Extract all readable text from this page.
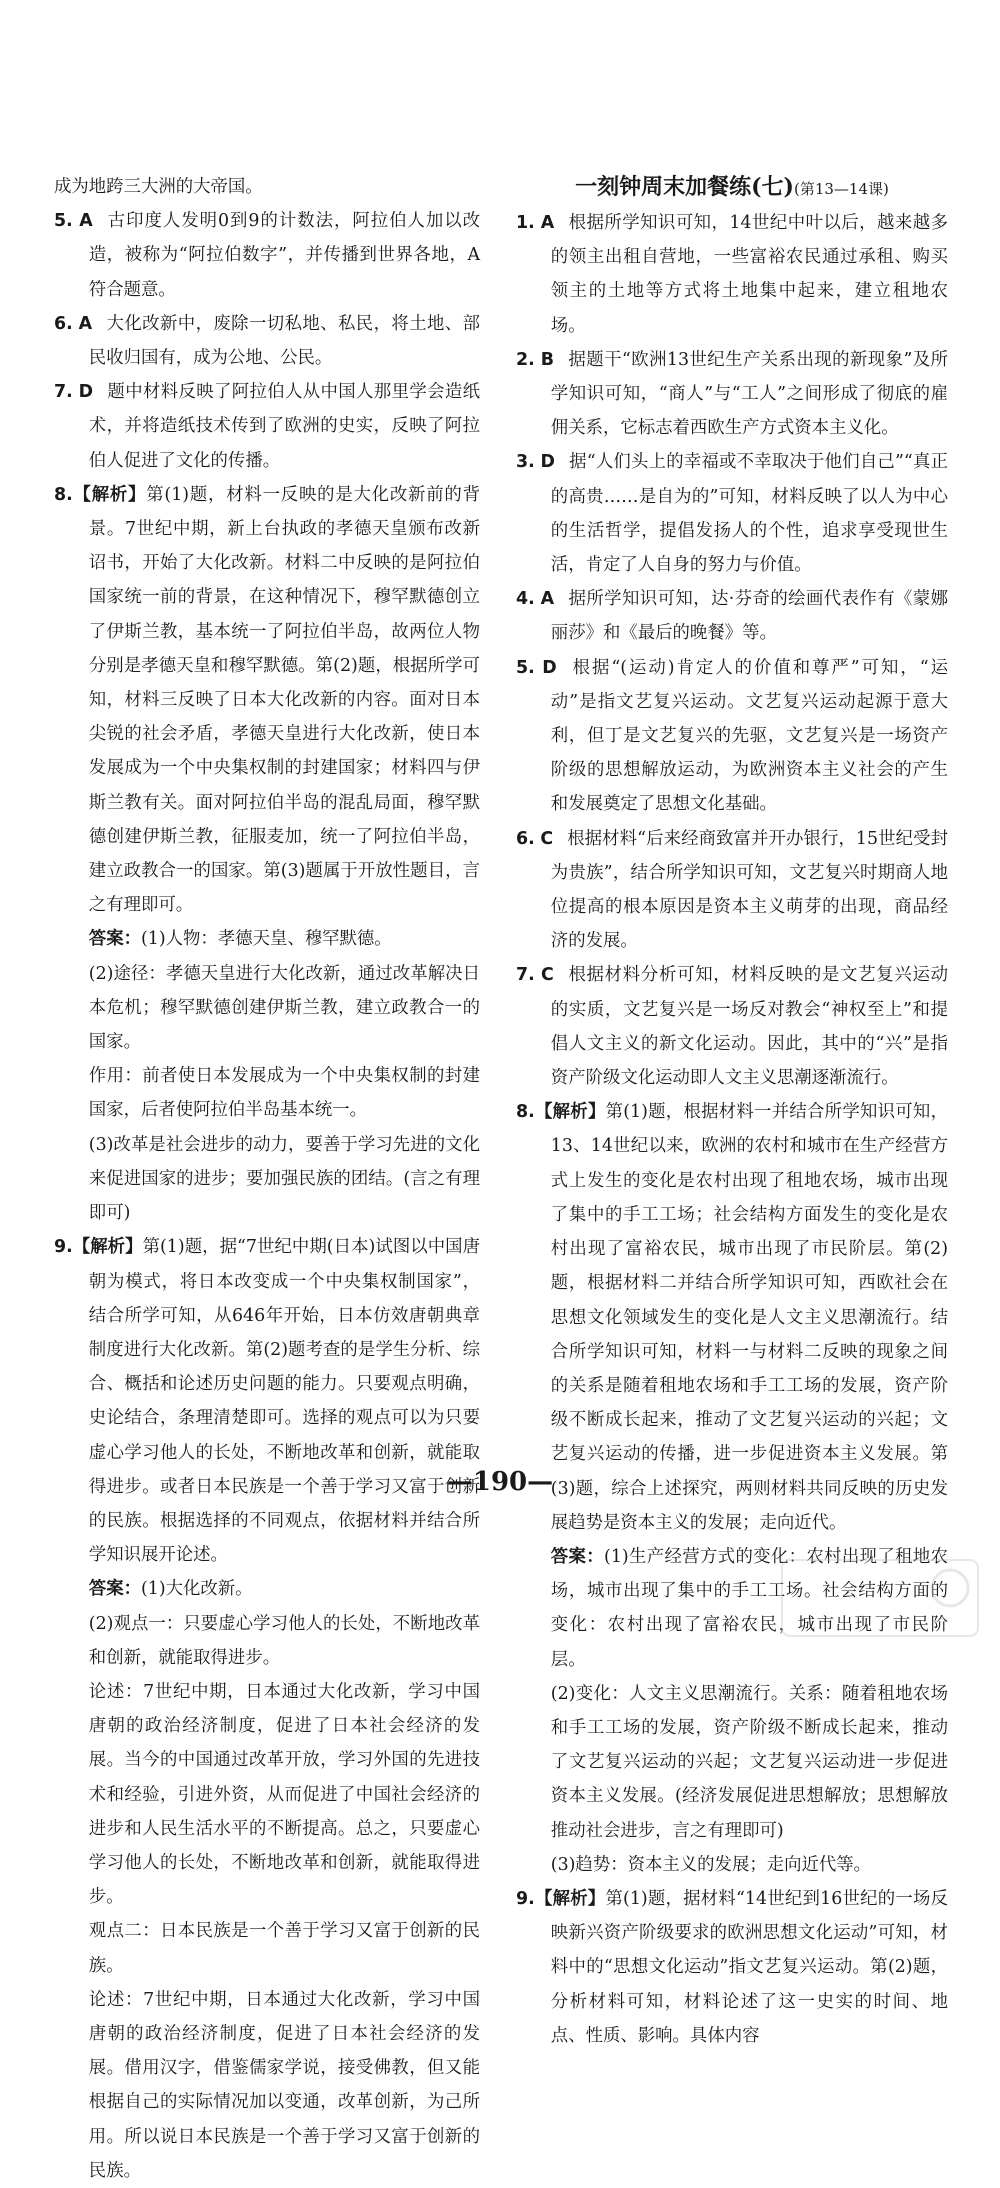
成为地跨三大洲的大帝国。

5. A 古印度人发明0到9的计数法，阿拉伯人加以改造，被称为“阿拉伯数字”，并传播到世界各地，A符合题意。

6. A 大化改新中，废除一切私地、私民，将土地、部民收归国有，成为公地、公民。

7. D 题中材料反映了阿拉伯人从中国人那里学会造纸术，并将造纸技术传到了欧洲的史实，反映了阿拉伯人促进了文化的传播。

8.【解析】第(1)题，材料一反映的是大化改新前的背景。7世纪中期，新上台执政的孝德天皇颁布改新诏书，开始了大化改新。材料二中反映的是阿拉伯国家统一前的背景，在这种情况下，穆罕默德创立了伊斯兰教，基本统一了阿拉伯半岛，故两位人物分别是孝德天皇和穆罕默德。第(2)题，根据所学可知，材料三反映了日本大化改新的内容。面对日本尖锐的社会矛盾，孝德天皇进行大化改新，使日本发展成为一个中央集权制的封建国家；材料四与伊斯兰教有关。面对阿拉伯半岛的混乱局面，穆罕默德创建伊斯兰教，征服麦加，统一了阿拉伯半岛，建立政教合一的国家。第(3)题属于开放性题目，言之有理即可。

答案：(1)人物：孝德天皇、穆罕默德。

(2)途径：孝德天皇进行大化改新，通过改革解决日本危机；穆罕默德创建伊斯兰教，建立政教合一的国家。

作用：前者使日本发展成为一个中央集权制的封建国家，后者使阿拉伯半岛基本统一。

(3)改革是社会进步的动力，要善于学习先进的文化来促进国家的进步；要加强民族的团结。(言之有理即可)

9.【解析】第(1)题，据“7世纪中期(日本)试图以中国唐朝为模式，将日本改变成一个中央集权制国家”，结合所学可知，从646年开始，日本仿效唐朝典章制度进行大化改新。第(2)题考查的是学生分析、综合、概括和论述历史问题的能力。只要观点明确，史论结合，条理清楚即可。选择的观点可以为只要虚心学习他人的长处，不断地改革和创新，就能取得进步。或者日本民族是一个善于学习又富于创新的民族。根据选择的不同观点，依据材料并结合所学知识展开论述。

答案：(1)大化改新。

(2)观点一：只要虚心学习他人的长处，不断地改革和创新，就能取得进步。

论述：7世纪中期，日本通过大化改新，学习中国唐朝的政治经济制度，促进了日本社会经济的发展。当今的中国通过改革开放，学习外国的先进技术和经验，引进外资，从而促进了中国社会经济的进步和人民生活水平的不断提高。总之，只要虚心学习他人的长处，不断地改革和创新，就能取得进步。

观点二：日本民族是一个善于学习又富于创新的民族。

论述：7世纪中期，日本通过大化改新，学习中国唐朝的政治经济制度，促进了日本社会经济的发展。借用汉字，借鉴儒家学说，接受佛教，但又能根据自己的实际情况加以变通，改革创新，为己所用。所以说日本民族是一个善于学习又富于创新的民族。

一刻钟周末加餐练(七)(第13—14课)

1. A 根据所学知识可知，14世纪中叶以后，越来越多的领主出租自营地，一些富裕农民通过承租、购买领主的土地等方式将土地集中起来，建立租地农场。

2. B 据题干“欧洲13世纪生产关系出现的新现象”及所学知识可知，“商人”与“工人”之间形成了彻底的雇佣关系，它标志着西欧生产方式资本主义化。

3. D 据“人们头上的幸福或不幸取决于他们自己”“真正的高贵……是自为的”可知，材料反映了以人为中心的生活哲学，提倡发扬人的个性，追求享受现世生活，肯定了人自身的努力与价值。

4. A 据所学知识可知，达·芬奇的绘画代表作有《蒙娜丽莎》和《最后的晚餐》等。

5. D 根据“(运动)肯定人的价值和尊严”可知，“运动”是指文艺复兴运动。文艺复兴运动起源于意大利，但丁是文艺复兴的先驱，文艺复兴是一场资产阶级的思想解放运动，为欧洲资本主义社会的产生和发展奠定了思想文化基础。

6. C 根据材料“后来经商致富并开办银行，15世纪受封为贵族”，结合所学知识可知，文艺复兴时期商人地位提高的根本原因是资本主义萌芽的出现，商品经济的发展。

7. C 根据材料分析可知，材料反映的是文艺复兴运动的实质，文艺复兴是一场反对教会“神权至上”和提倡人文主义的新文化运动。因此，其中的“兴”是指资产阶级文化运动即人文主义思潮逐渐流行。

8.【解析】第(1)题，根据材料一并结合所学知识可知，13、14世纪以来，欧洲的农村和城市在生产经营方式上发生的变化是农村出现了租地农场，城市出现了集中的手工工场；社会结构方面发生的变化是农村出现了富裕农民，城市出现了市民阶层。第(2)题，根据材料二并结合所学知识可知，西欧社会在思想文化领域发生的变化是人文主义思潮流行。结合所学知识可知，材料一与材料二反映的现象之间的关系是随着租地农场和手工工场的发展，资产阶级不断成长起来，推动了文艺复兴运动的兴起；文艺复兴运动的传播，进一步促进资本主义发展。第(3)题，综合上述探究，两则材料共同反映的历史发展趋势是资本主义的发展；走向近代。

答案：(1)生产经营方式的变化：农村出现了租地农场，城市出现了集中的手工工场。社会结构方面的变化：农村出现了富裕农民，城市出现了市民阶层。

(2)变化：人文主义思潮流行。关系：随着租地农场和手工工场的发展，资产阶级不断成长起来，推动了文艺复兴运动的兴起；文艺复兴运动进一步促进资本主义发展。(经济发展促进思想解放；思想解放推动社会进步，言之有理即可)

(3)趋势：资本主义的发展；走向近代等。

9.【解析】第(1)题，据材料“14世纪到16世纪的一场反映新兴资产阶级要求的欧洲思想文化运动”可知，材料中的“思想文化运动”指文艺复兴运动。第(2)题，分析材料可知，材料论述了这一史实的时间、地点、性质、影响。具体内容

—190—
